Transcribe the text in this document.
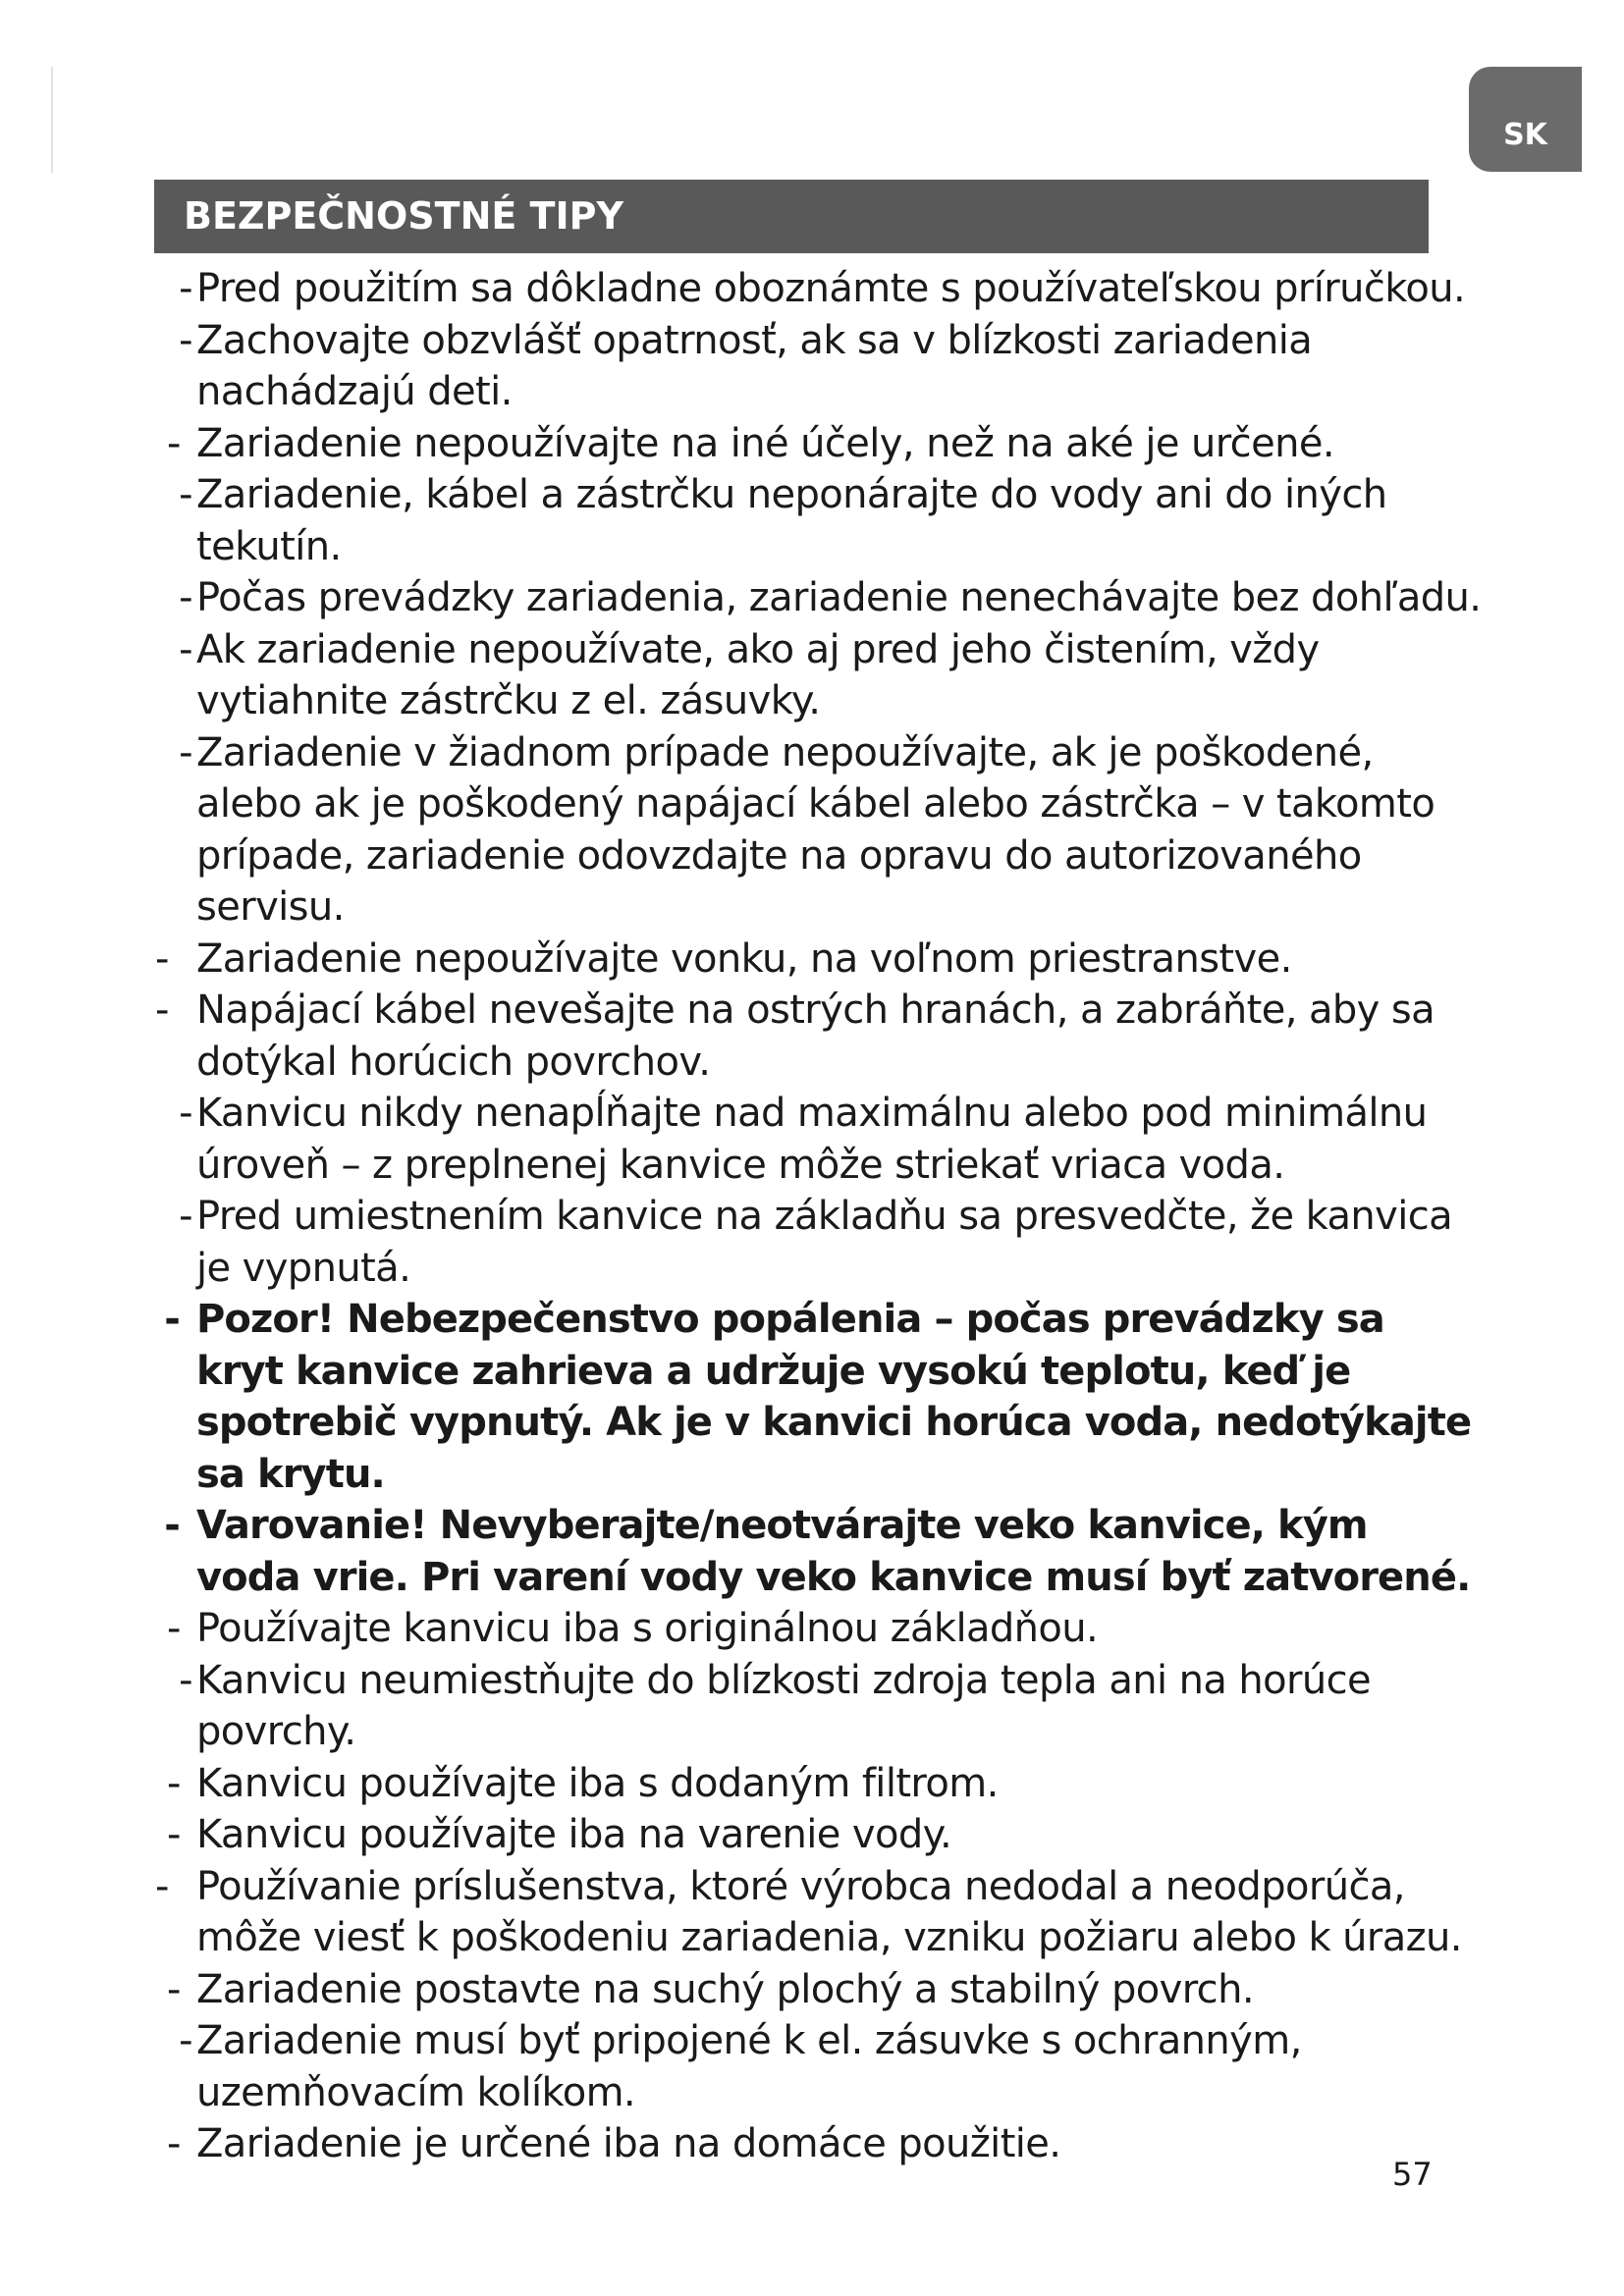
SK
BEZPEČNOSTNÉ TIPY
- Pred použitím sa dôkladne oboznámte s používateľskou príručkou.
- Zachovajte obzvlášť opatrnosť, ak sa v blízkosti zariadenia nachádzajú deti.
- Zariadenie nepoužívajte na iné účely, než na aké je určené.
- Zariadenie, kábel a zástrčku neponárajte do vody ani do iných tekutín.
- Počas prevádzky zariadenia, zariadenie nenechávajte bez dohľadu.
- Ak zariadenie nepoužívate, ako aj pred jeho čistením, vždy vytiahnite zástrčku z el. zásuvky.
- Zariadenie v žiadnom prípade nepoužívajte, ak je poškodené, alebo ak je poškodený napájací kábel alebo zástrčka – v takomto prípade, zariadenie odovzdajte na opravu do autorizovaného servisu.
- Zariadenie nepoužívajte vonku, na voľnom priestranstve.
- Napájací kábel nevešajte na ostrých hranách, a zabráňte, aby sa dotýkal horúcich povrchov.
- Kanvicu nikdy nenapĺňajte nad maximálnu alebo pod minimálnu úroveň – z preplnenej kanvice môže striekať vriaca voda.
- Pred umiestnením kanvice na základňu sa presvedčte, že kanvica je vypnutá.
- Pozor! Nebezpečenstvo popálenia – počas prevádzky sa kryt kanvice zahrieva a udržuje vysokú teplotu, keď je spotrebič vypnutý. Ak je v kanvici horúca voda, nedotýkajte sa krytu.
- Varovanie! Nevyberajte/neotvárajte veko kanvice, kým voda vrie. Pri varení vody veko kanvice musí byť zatvorené.
- Používajte kanvicu iba s originálnou základňou.
- Kanvicu neumiestňujte do blízkosti zdroja tepla ani na horúce povrchy.
- Kanvicu používajte iba s dodaným filtrom.
- Kanvicu používajte iba na varenie vody.
- Používanie príslušenstva, ktoré výrobca nedodal a neodporúča, môže viesť k poškodeniu zariadenia, vzniku požiaru alebo k úrazu.
- Zariadenie postavte na suchý plochý a stabilný povrch.
- Zariadenie musí byť pripojené k el. zásuvke s ochranným, uzemňovacím kolíkom.
- Zariadenie je určené iba na domáce použitie.
57
